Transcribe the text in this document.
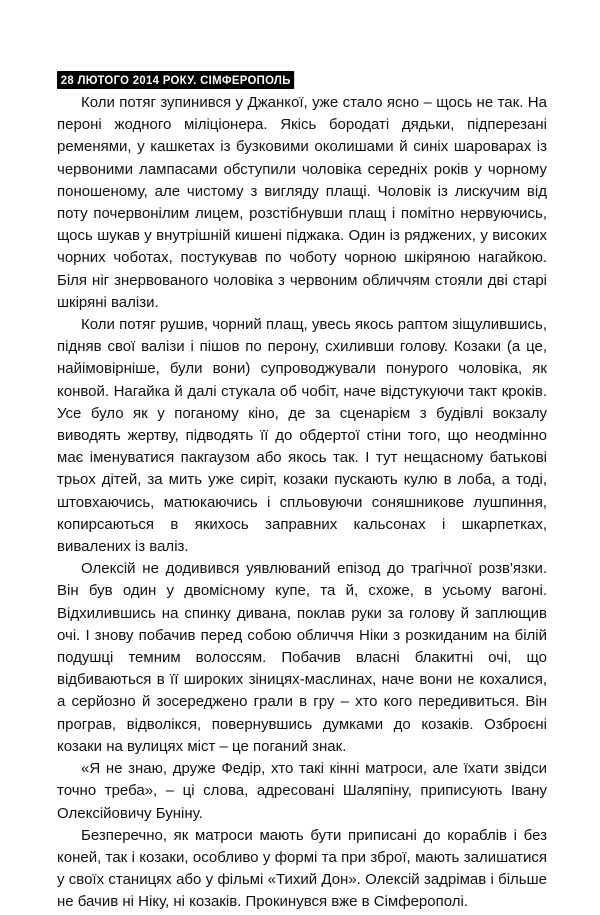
28 ЛЮТОГО 2014 РОКУ. СІМФЕРОПОЛЬ

Коли потяг зупинився у Джанкої, уже стало ясно – щось не так. На пероні жодного міліціонера. Якісь бородаті дядьки, підперезані ременями, у кашкетах із бузковими околишами й синіх шароварах із червоними лампасами обступили чоловіка середніх років у чорному поношеному, але чистому з вигляду плащі. Чоловік із лискучим від поту почервонілим лицем, розстібнувши плащ і помітно нервуючись, щось шукав у внутрішній кишені піджака. Один із ряджених, у високих чорних чоботах, постукував по чоботу чорною шкіряною нагайкою. Біля ніг знервованого чоловіка з червоним обличчям стояли дві старі шкіряні валізи.

Коли потяг рушив, чорний плащ, увесь якось раптом зіщулившись, підняв свої валізи і пішов по перону, схиливши голову. Козаки (а це, найімовірніше, були вони) супроводжували понурого чоловіка, як конвой. Нагайка й далі стукала об чобіт, наче відстукуючи такт кроків. Усе було як у поганому кіно, де за сценарієм з будівлі вокзалу виводять жертву, підводять її до обдертої стіни того, що неодмінно має іменуватися пакгаузом або якось так. І тут нещасному батькові трьох дітей, за мить уже сиріт, козаки пускaють кулю в лоба, а тоді, штовхаючись, матюкаючись і спльовуючи соняшникове лушпиння, копирсаються в якихось заправних кальсонах і шкарпетках, вивалених із валіз.

Олексій не додивився уявлюваний епізод до трагічної розв'язки. Він був один у двомісному купе, та й, схоже, в усьому вагоні. Відхилившись на спинку дивана, поклав руки за голову й заплющив очі. І знову побачив перед собою обличчя Ніки з розкиданим на білій подушці темним волоссям. Побачив власні блакитні очі, що відбиваються в її широких зіницях-маслинах, наче вони не кохалися, а серйозно й зосереджено грали в гру – хто кого передивиться. Він програв, відволікся, повернувшись думками до козаків. Озброєні козаки на вулицях міст – це поганий знак.

«Я не знаю, друже Федір, хто такі кінні матроси, але їхати звідси точно треба», – ці слова, адресовані Шаляпіну, приписують Івану Олексійовичу Буніну.

Безперечно, як матроси мають бути приписані до кораблів і без коней, так і козаки, особливо у формі та при зброї, мають залишатися у своїх станицях або у фільмі «Тихий Дон». Олексій задрімав і більше не бачив ні Ніку, ні козаків. Прокинувся вже в Сімферополі.
